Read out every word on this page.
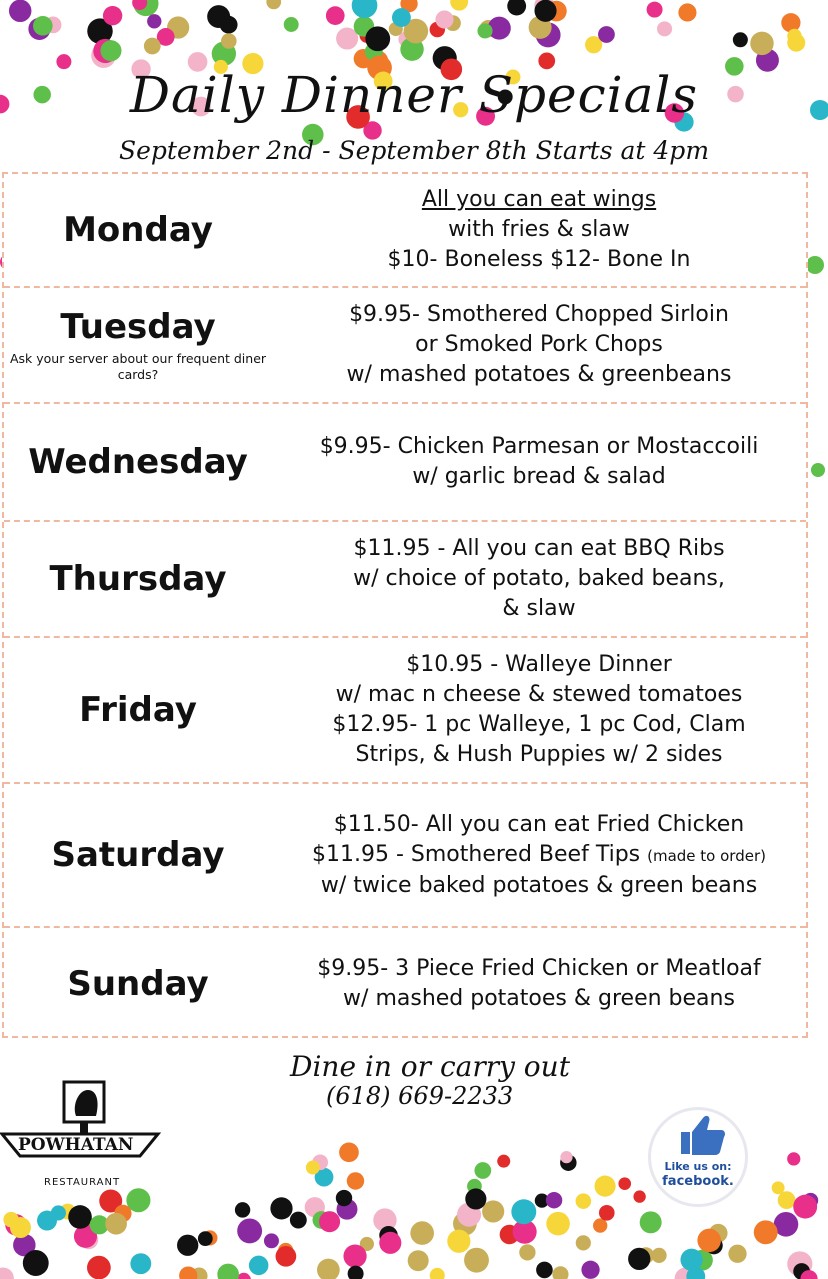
Daily Dinner Specials
September 2nd - September 8th Starts at 4pm
Monday
All you can eat wings
with fries & slaw
$10- Boneless $12- Bone In
Tuesday
Ask your server about our frequent diner cards?
$9.95- Smothered Chopped Sirloin
or Smoked Pork Chops
w/ mashed potatoes & greenbeans
Wednesday	$9.95- Chicken Parmesan or Mostaccoili
w/ garlic bread & salad
Thursday
$11.95 - All you can eat BBQ Ribs
w/ choice of potato, baked beans,
& slaw
Friday
$10.95 - Walleye Dinner
w/ mac n cheese & stewed tomatoes
$12.95- 1 pc Walleye, 1 pc Cod, Clam
Strips, & Hush Puppies w/ 2 sides
Saturday
$11.50- All you can eat Fried Chicken
$11.95 - Smothered Beef Tips (made to order)
w/ twice baked potatoes & green beans
Sunday	$9.95- 3 Piece Fried Chicken or Meatloaf
w/ mashed potatoes & green beans
Dine in or carry out
(618) 669-2233
POWHATAN
RESTAURANT
Like us on:
facebook.
